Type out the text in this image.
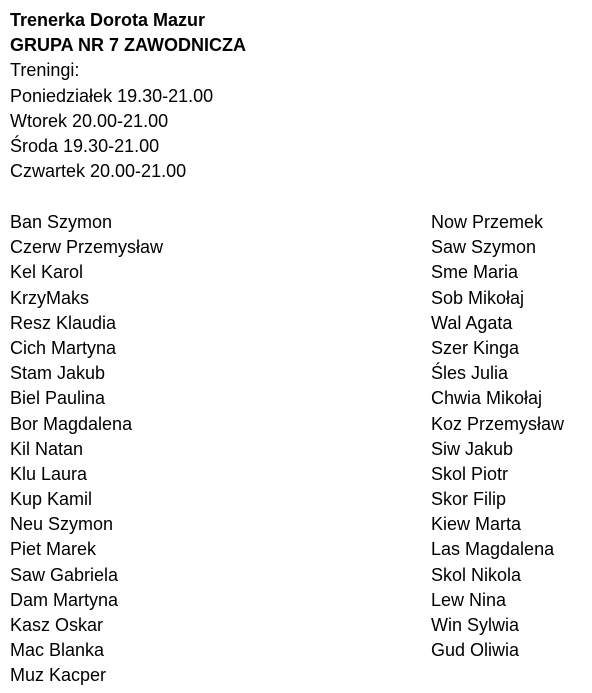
Trenerka Dorota Mazur
GRUPA NR 7 ZAWODNICZA
Treningi:
Poniedziałek 19.30-21.00
Wtorek 20.00-21.00
Środa 19.30-21.00
Czwartek 20.00-21.00
Ban Szymon
Czerw Przemysław
Kel Karol
KrzyMaks
Resz Klaudia
Cich Martyna
Stam Jakub
Biel Paulina
Bor Magdalena
Kil Natan
Klu Laura
Kup Kamil
Neu Szymon
Piet Marek
Saw Gabriela
Dam Martyna
Kasz Oskar
Mac Blanka
Muz Kacper
Now Przemek
Saw Szymon
Sme Maria
Sob Mikołaj
Wal Agata
Szer Kinga
Śles Julia
Chwia Mikołaj
Koz Przemysław
Siw Jakub
Skol Piotr
Skor Filip
Kiew Marta
Las Magdalena
Skol Nikola
Lew Nina
Win Sylwia
Gud Oliwia
